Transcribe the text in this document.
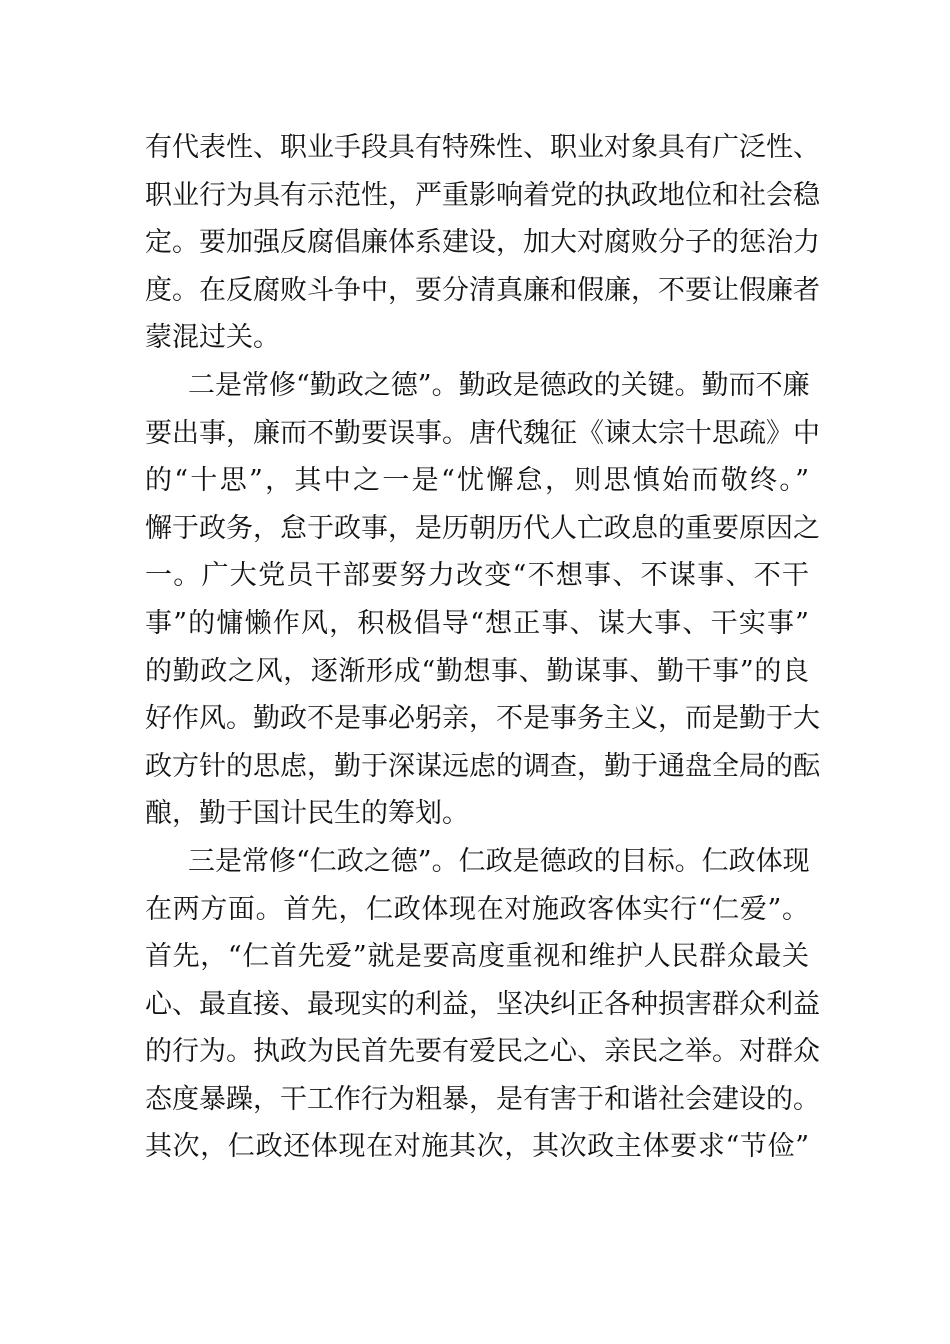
有代表性、职业手段具有特殊性、职业对象具有广泛性、
职业行为具有示范性，严重影响着党的执政地位和社会稳
定。要加强反腐倡廉体系建设，加大对腐败分子的惩治力
度。在反腐败斗争中，要分清真廉和假廉，不要让假廉者
蒙混过关。
二是常修“勤政之德”。勤政是德政的关键。勤而不廉
要出事，廉而不勤要误事。唐代魏征《谏太宗十思疏》中
的“十思”，其中之一是“忧懈怠，则思慎始而敬终。”
懈于政务，怠于政事，是历朝历代人亡政息的重要原因之
一。广大党员干部要努力改变“不想事、不谋事、不干
事”的慵懒作风，积极倡导“想正事、谋大事、干实事”
的勤政之风，逐渐形成“勤想事、勤谋事、勤干事”的良
好作风。勤政不是事必躬亲，不是事务主义，而是勤于大
政方针的思虑，勤于深谋远虑的调查，勤于通盘全局的酝
酿，勤于国计民生的筹划。
三是常修“仁政之德”。仁政是德政的目标。仁政体现
在两方面。首先，仁政体现在对施政客体实行“仁爱”。
首先，“仁首先爱”就是要高度重视和维护人民群众最关
心、最直接、最现实的利益，坚决纠正各种损害群众利益
的行为。执政为民首先要有爱民之心、亲民之举。对群众
态度暴躁，干工作行为粗暴，是有害于和谐社会建设的。
其次，仁政还体现在对施其次，其次政主体要求“节俭”
